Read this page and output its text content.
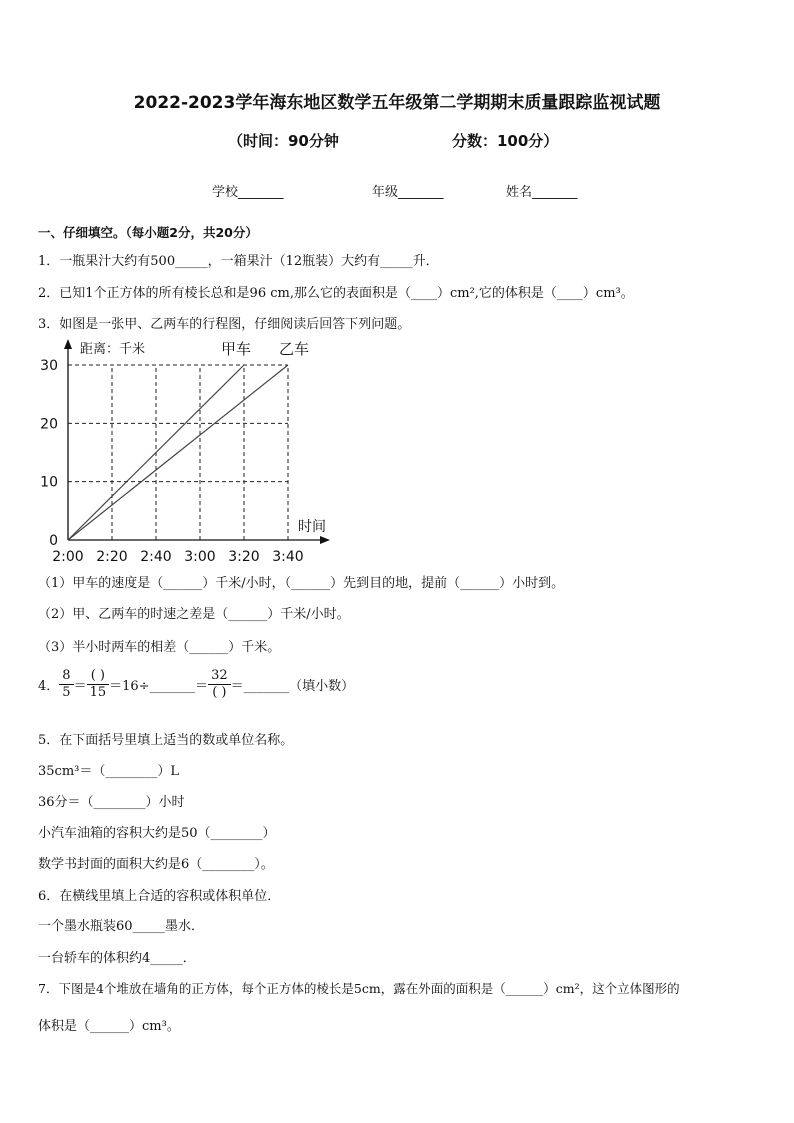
2022-2023学年海东地区数学五年级第二学期期末质量跟踪监视试题
（时间：90分钟	分数：100分）
学校_______	年级_______	姓名_______
一、仔细填空。（每小题2分，共20分）
1．一瓶果汁大约有500_____，一箱果汁（12瓶装）大约有_____升．
2．已知1个正方体的所有棱长总和是96 cm,那么它的表面积是（____）cm²,它的体积是（____）cm³。
3．如图是一张甲、乙两车的行程图，仔细阅读后回答下列问题。
2:00 2:20 2:40 3:00 3:20 3:40
0
10
20
30
距离：千米
时间
甲车 乙车
（1）甲车的速度是（______）千米/小时，（______）先到目的地，提前（______）小时到。
（2）甲、乙两车的时速之差是（______）千米/小时。
（3）半小时两车的相差（______）千米。
4． $\frac{8}{5} = \frac{( )}{15}$ ＝16÷_______＝ $\frac{32}{( )}$ ＝_______（填小数）
5．在下面括号里填上适当的数或单位名称。
35cm³＝（________）L
36分＝（________）小时
小汽车油箱的容积大约是50（________）
数学书封面的面积大约是6（________）。
6．在横线里填上合适的容积或体积单位．
一个墨水瓶装60_____墨水．
一台轿车的体积约4_____．
7．下图是4个堆放在墙角的正方体，每个正方体的棱长是5cm，露在外面的面积是（______）cm²，这个立体图形的
体积是（______）cm³。
